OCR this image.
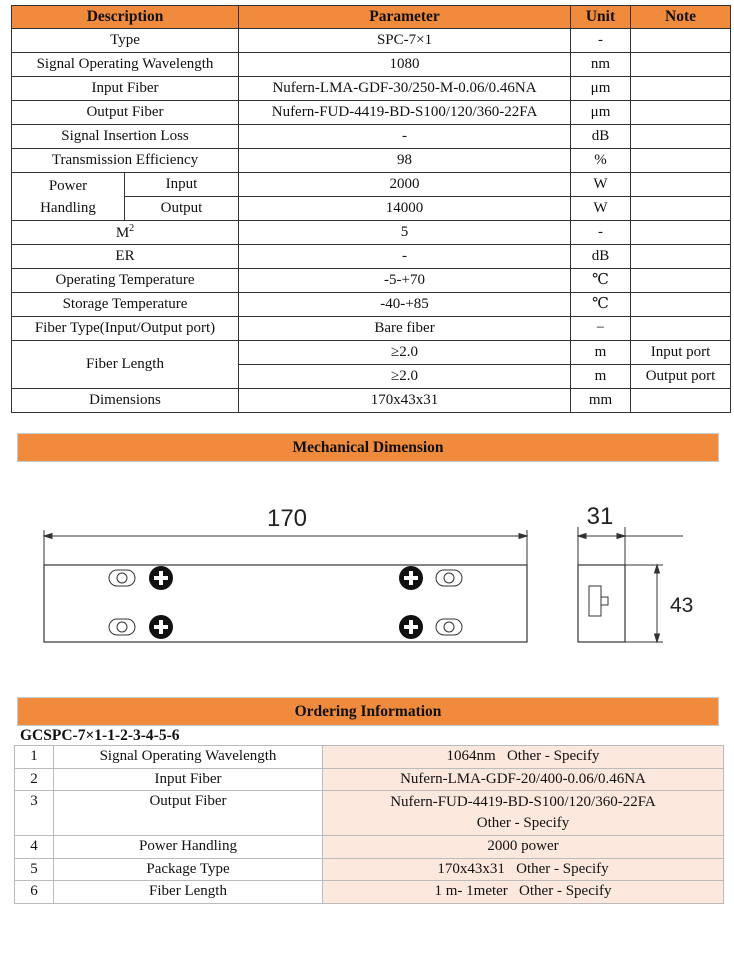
Description		Parameter	Unit	Note
Type		SPC-7×1	-	
Signal Operating Wavelength		1080	nm	
Input Fiber		Nufern-LMA-GDF-30/250-M-0.06/0.46NA	μm	
Output Fiber		Nufern-FUD-4419-BD-S100/120/360-22FA	μm	
Signal Insertion Loss		-	dB	
Transmission Efficiency		98	%	
Power
Handling	Input	2000	W	
	Output	14000	W	
$M^2$		5	-	
ER		-	dB	
Operating Temperature		-5-+70	℃	
Storage Temperature		-40-+85	℃	
Fiber Type(Input/Output port)		Bare fiber	−	
Fiber Length		≥2.0	m	Input port
		≥2.0	m	Output port
Dimensions		170x43x31	mm	
Mechanical Dimension
170	31
43
Ordering Information
GCSPC-7×1-1-2-3-4-5-6
1	Signal Operating Wavelength	1064nm   Other - Specify
2	Input Fiber	Nufern-LMA-GDF-20/400-0.06/0.46NA
3	Output Fiber	Nufern-FUD-4419-BD-S100/120/360-22FA
Other - Specify

4	Power Handling	2000 power
5	Package Type	170x43x31   Other - Specify
6	Fiber Length	1 m- 1meter   Other - Specify
